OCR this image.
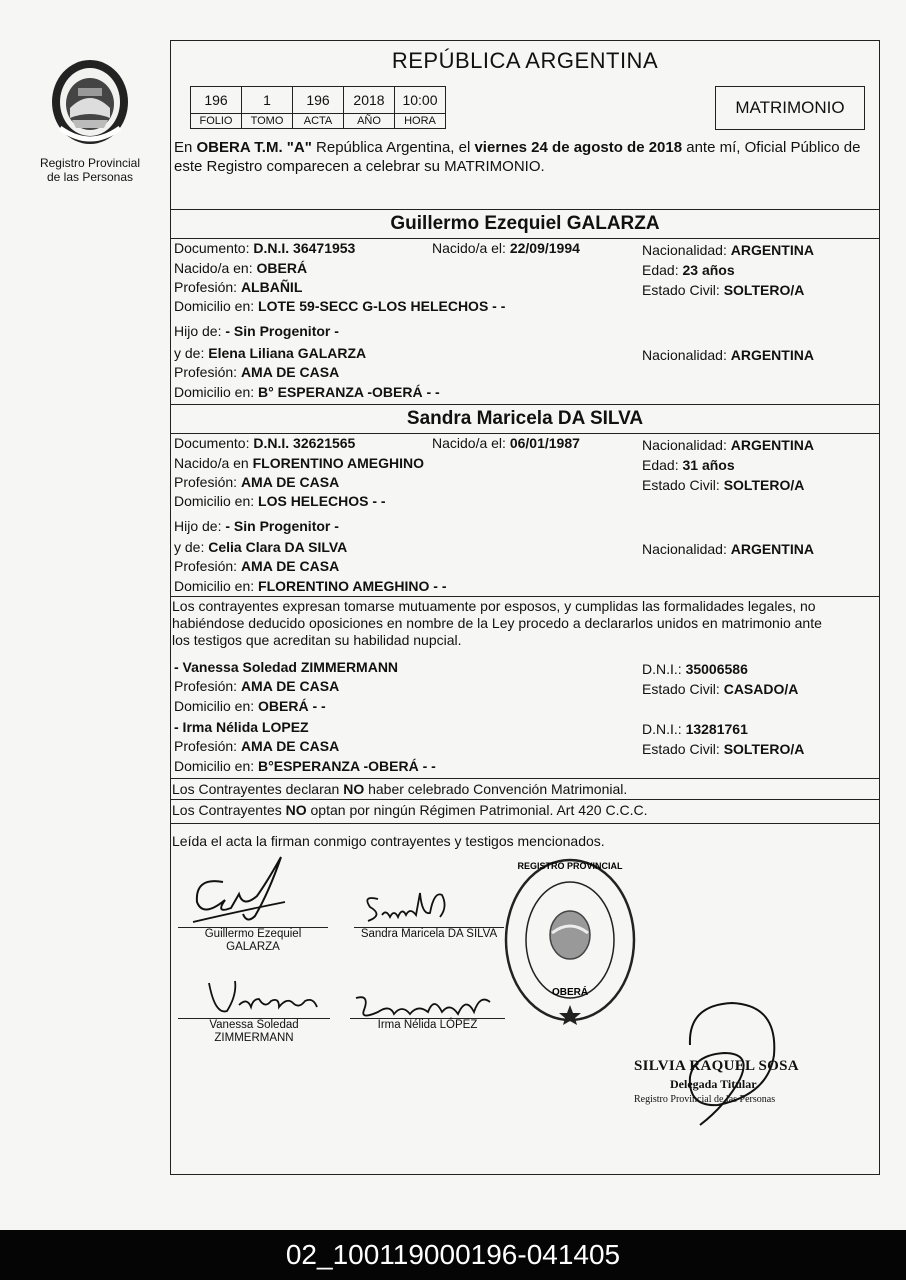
Registro Provincial
de las Personas
REPÚBLICA ARGENTINA
196	1	196	2018	10:00
FOLIO	TOMO	ACTA	AÑO	HORA
MATRIMONIO
En OBERA T.M. "A" República Argentina, el viernes 24 de agosto de 2018 ante mí, Oficial Público de este Registro comparecen a celebrar su MATRIMONIO.
Guillermo Ezequiel GALARZA
Documento: D.N.I. 36471953	Nacido/a el: 22/09/1994	Nacionalidad: ARGENTINA
Nacido/a en: OBERÁ	Edad: 23 años
Profesión: ALBAÑIL	Estado Civil: SOLTERO/A
Domicilio en: LOTE 59-SECC G-LOS HELECHOS - -
Hijo de: - Sin Progenitor -
y de: Elena Liliana GALARZA	Nacionalidad: ARGENTINA
Profesión: AMA DE CASA
Domicilio en: B° ESPERANZA -OBERÁ - -
Sandra Maricela DA SILVA
Documento: D.N.I. 32621565	Nacido/a el: 06/01/1987	Nacionalidad: ARGENTINA
Nacido/a en FLORENTINO AMEGHINO	Edad: 31 años
Profesión: AMA DE CASA	Estado Civil: SOLTERO/A
Domicilio en: LOS HELECHOS - -
Hijo de: - Sin Progenitor -
y de: Celia Clara DA SILVA	Nacionalidad: ARGENTINA
Profesión: AMA DE CASA
Domicilio en: FLORENTINO AMEGHINO - -
Los contrayentes expresan tomarse mutuamente por esposos, y cumplidas las formalidades legales, no
habiéndose deducido oposiciones en nombre de la Ley procedo a declararlos unidos en matrimonio ante
los testigos que acreditan su habilidad nupcial.
- Vanessa Soledad ZIMMERMANN	D.N.I.: 35006586
Profesión: AMA DE CASA	Estado Civil: CASADO/A
Domicilio en: OBERÁ - -
- Irma Nélida LOPEZ	D.N.I.: 13281761
Profesión: AMA DE CASA	Estado Civil: SOLTERO/A
Domicilio en: B°ESPERANZA -OBERÁ - -
Los Contrayentes declaran NO haber celebrado Convención Matrimonial.
Los Contrayentes NO optan por ningún Régimen Patrimonial. Art 420 C.C.C.
Leída el acta la firman conmigo contrayentes y testigos mencionados.
Guillermo Ezequiel
GALARZA
Sandra Maricela DA SILVA
Vanessa Soledad
ZIMMERMANN
Irma Nélida LÓPEZ
REGISTRO PROVINCIAL
OBERÁ
SILVIA RAQUEL SOSA
Delegada Titular
Registro Provincial de las Personas
02_100119000196-041405
